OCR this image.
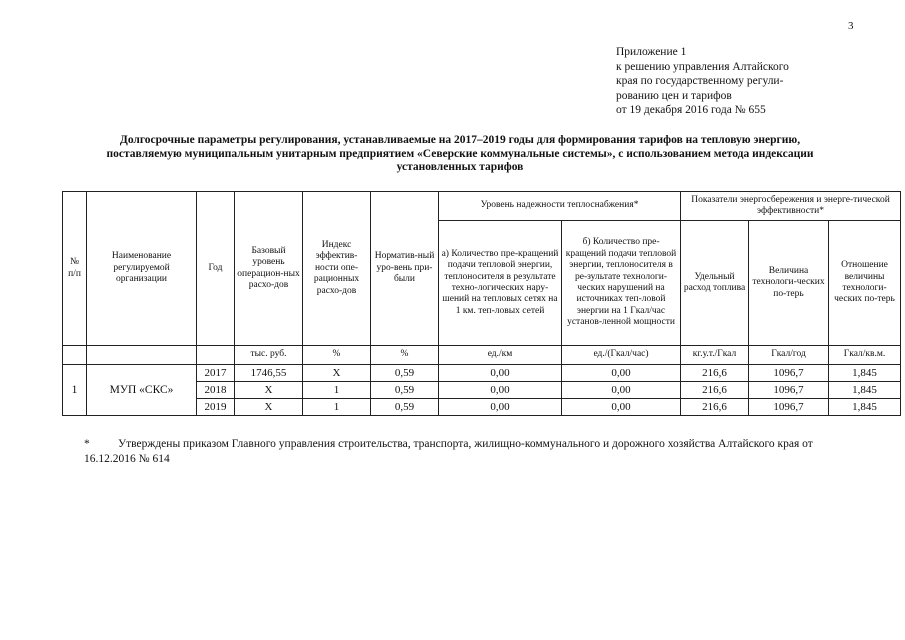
3
Приложение 1
к решению управления Алтайского
края по государственному регули-
рованию цен и тарифов
от 19 декабря 2016 года № 655
Долгосрочные параметры регулирования, устанавливаемые на 2017–2019 годы для формирования тарифов на тепловую энергию,
поставляемую муниципальным унитарным предприятием «Северские коммунальные системы», с использованием метода индексации
установленных тарифов
№ п/п	Наименование регулируемой организации	Год	Базовый уровень операцион-ных расхо-дов	Индекс эффектив-ности опе-рационных расхо-дов	Норматив-ный уро-вень при-были	Уровень надежности теплоснабжения*		Показатели энергосбережения и энерге-тической эффективности*		
						а) Количество пре-кращений подачи тепловой энергии, теплоносителя в результате техно-логических нару-шений на тепловых сетях на 1 км. теп-ловых сетей	б) Количество пре-кращений подачи тепловой энергии, теплоносителя в ре-зультате технологи-ческих нарушений на источниках теп-ловой энергии на 1 Гкал/час установ-ленной мощности	Удельный расход топлива	Величина технологи-ческих по-терь	Отношение величины технологи-ческих по-терь
			тыс. руб.	%	%	ед./км	ед./(Гкал/час)	кг.у.т./Гкал	Гкал/год	Гкал/кв.м.
1	МУП «СКС»	2017	1746,55	Х	0,59	0,00	0,00	216,6	1096,7	1,845
		2018	Х	1	0,59	0,00	0,00	216,6	1096,7	1,845
		2019	Х	1	0,59	0,00	0,00	216,6	1096,7	1,845
* Утверждены приказом Главного управления строительства, транспорта, жилищно-коммунального и дорожного хозяйства Алтайского края от 16.12.2016 № 614
